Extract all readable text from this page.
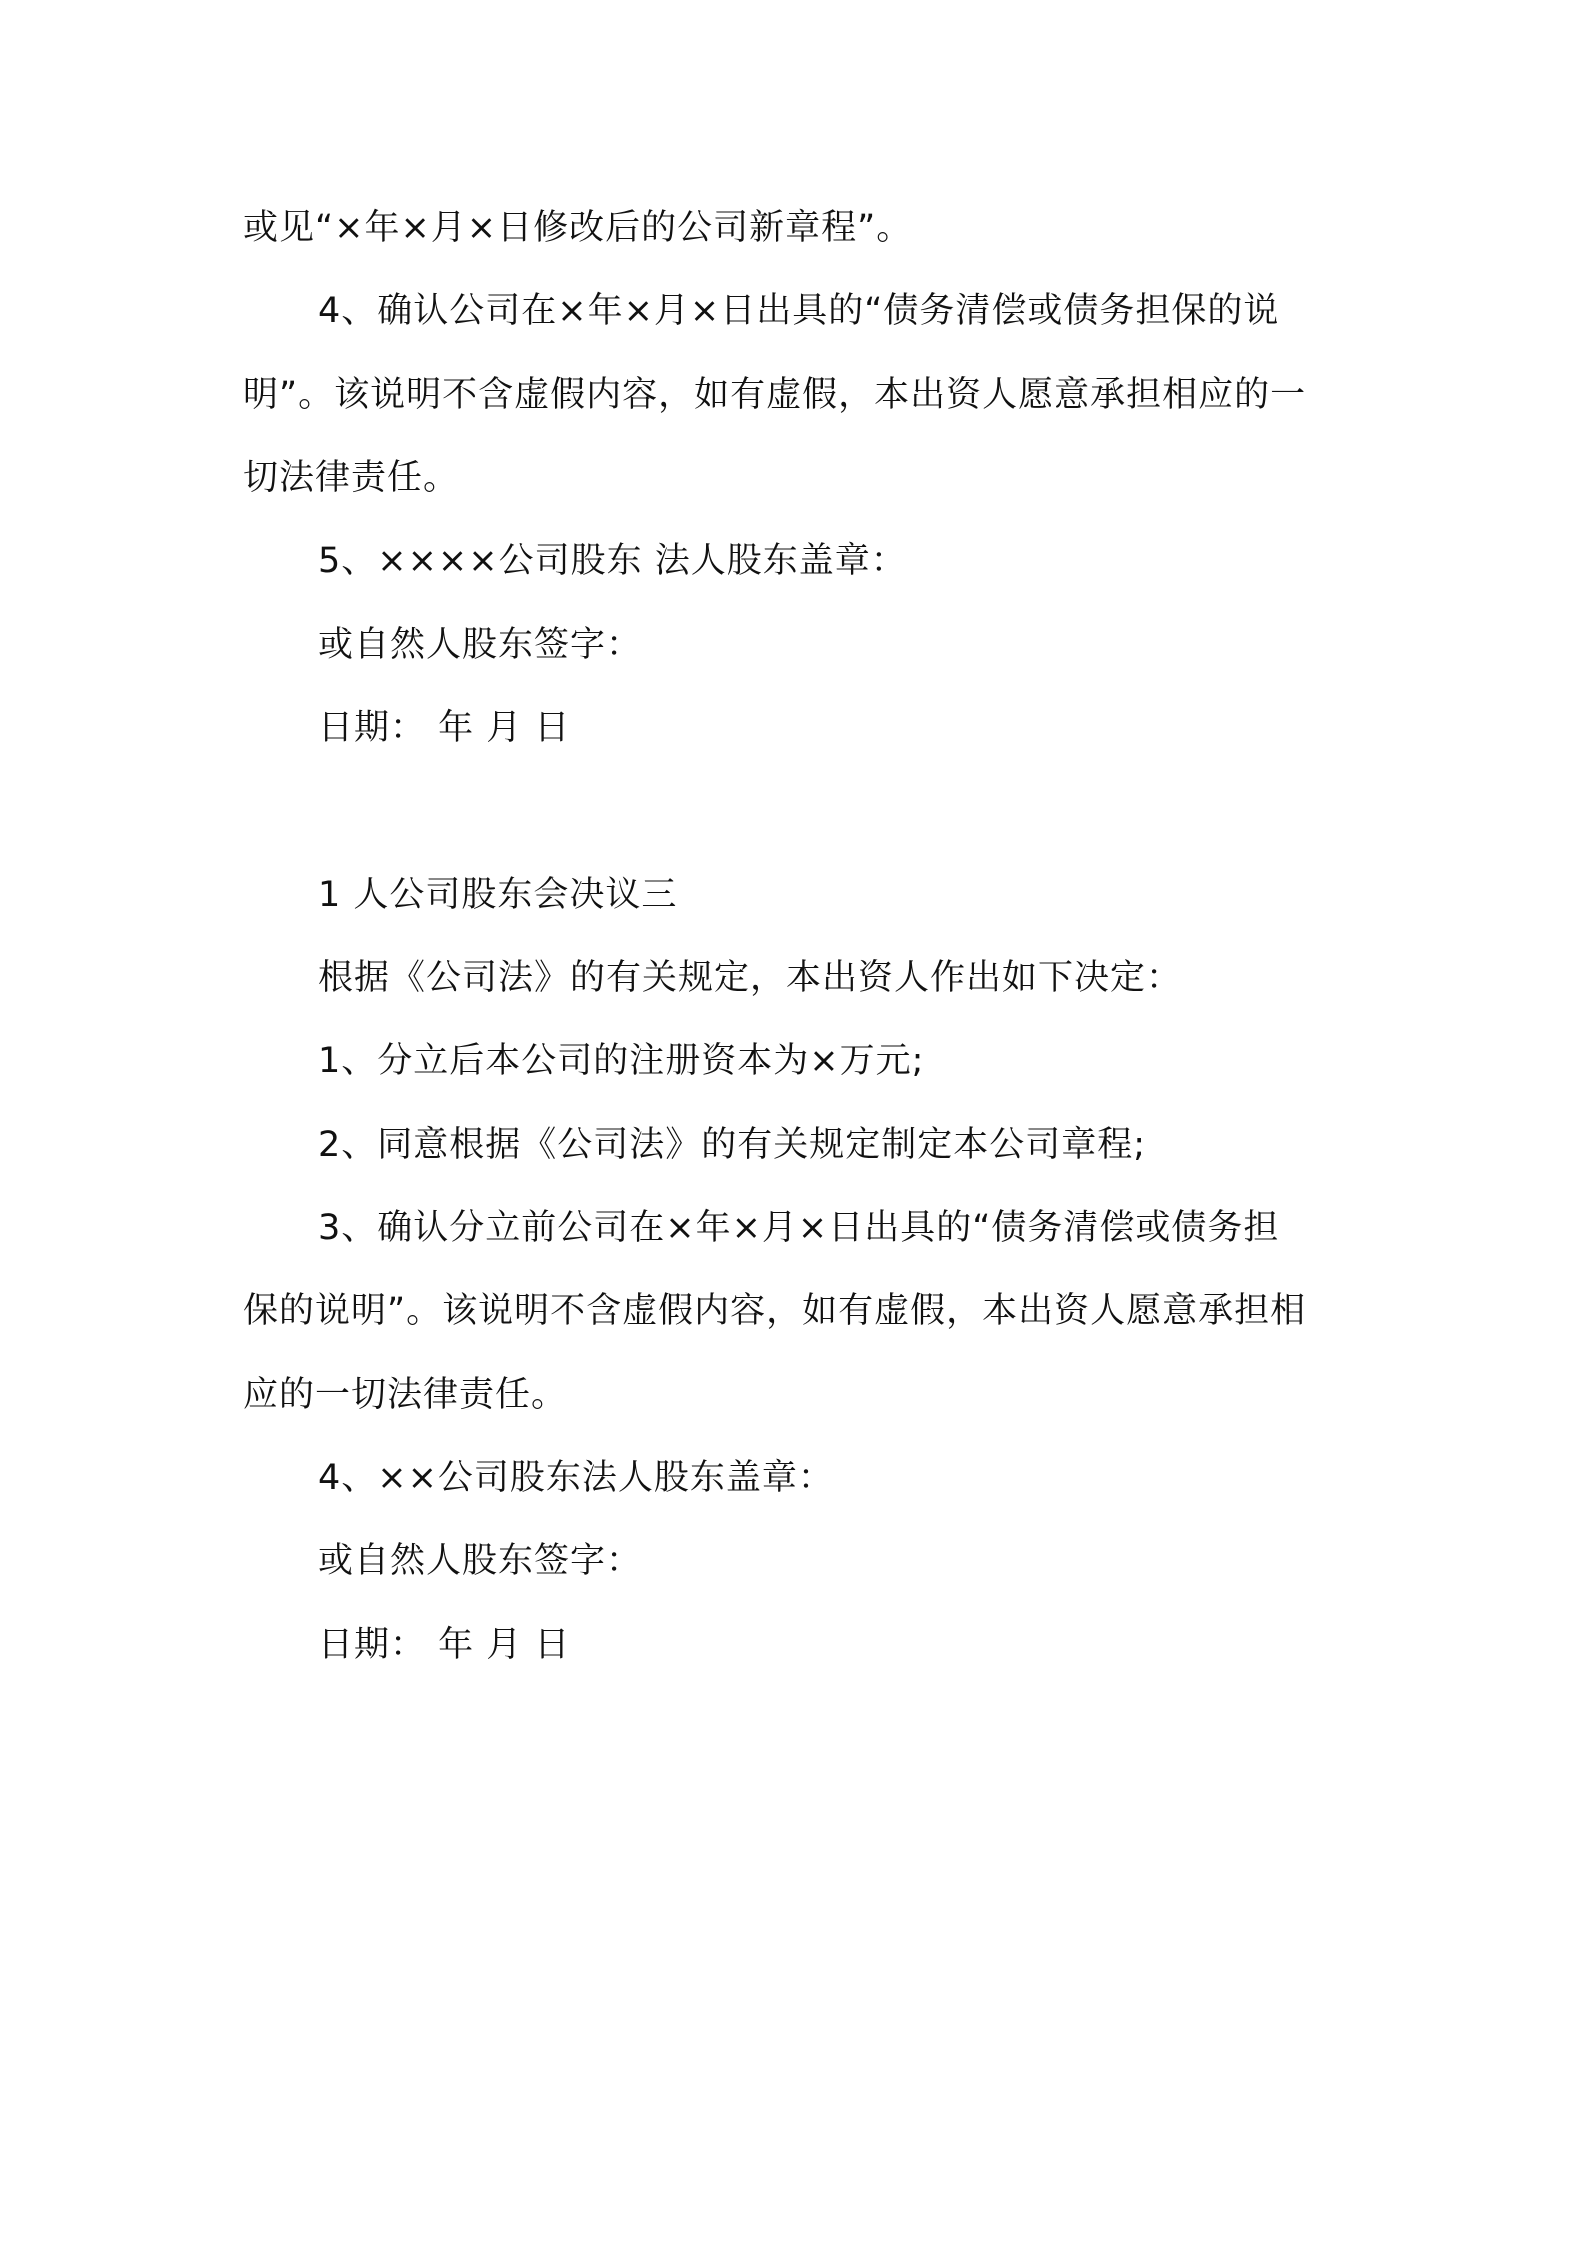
或见“×年×月×日修改后的公司新章程”。
4、确认公司在×年×月×日出具的“债务清偿或债务担保的说
明”。该说明不含虚假内容，如有虚假，本出资人愿意承担相应的一
切法律责任。
5、××××公司股东 法人股东盖章：
或自然人股东签字：
日期： 年 月 日
1 人公司股东会决议三
根据《公司法》的有关规定，本出资人作出如下决定：
1、分立后本公司的注册资本为×万元;
2、同意根据《公司法》的有关规定制定本公司章程;
3、确认分立前公司在×年×月×日出具的“债务清偿或债务担
保的说明”。该说明不含虚假内容，如有虚假，本出资人愿意承担相
应的一切法律责任。
4、××公司股东法人股东盖章：
或自然人股东签字：
日期： 年 月 日
